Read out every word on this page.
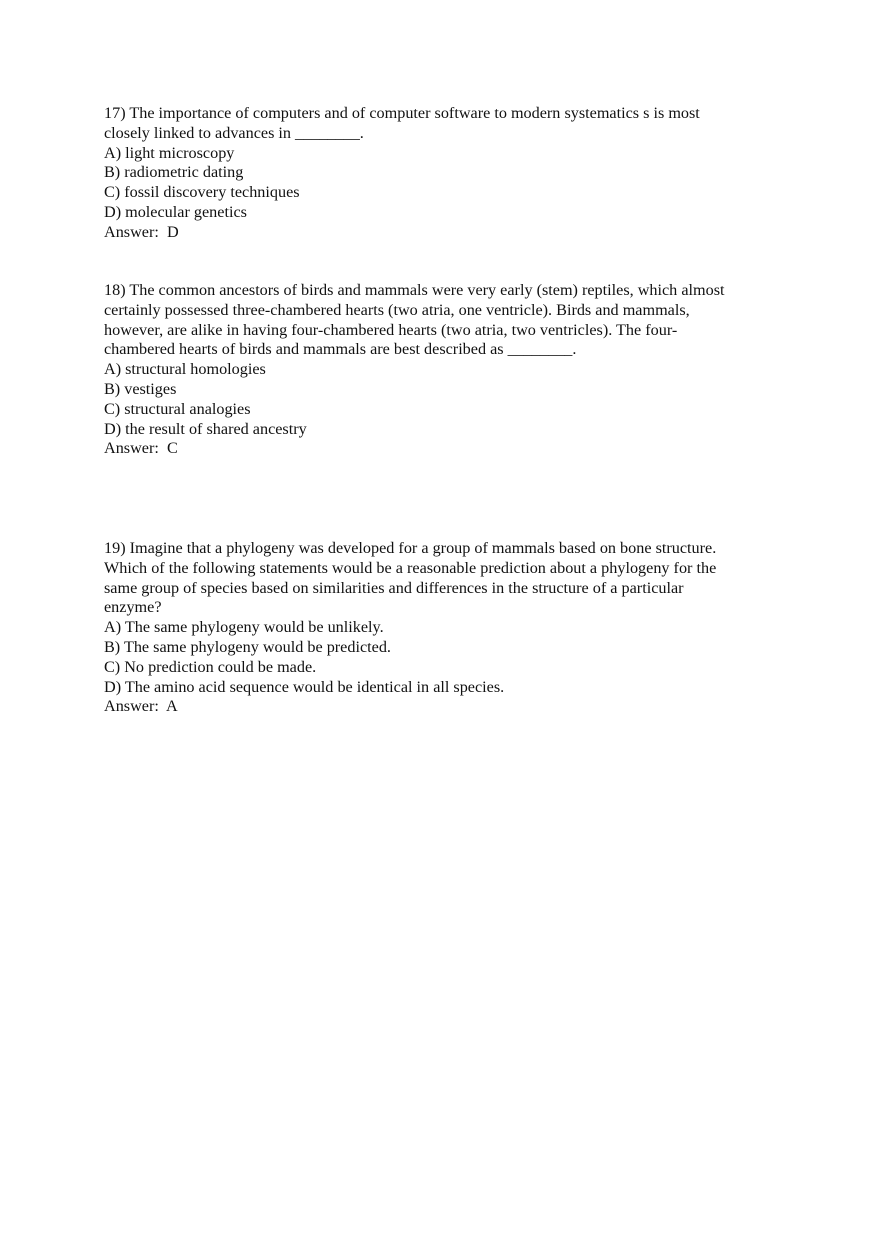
17) The importance of computers and of computer software to modern systematics s is most
closely linked to advances in ________.
A) light microscopy
B) radiometric dating
C) fossil discovery techniques
D) molecular genetics
Answer:  D
18) The common ancestors of birds and mammals were very early (stem) reptiles, which almost
certainly possessed three-chambered hearts (two atria, one ventricle). Birds and mammals,
however, are alike in having four-chambered hearts (two atria, two ventricles). The four-
chambered hearts of birds and mammals are best described as ________.
A) structural homologies
B) vestiges
C) structural analogies
D) the result of shared ancestry
Answer:  C
19) Imagine that a phylogeny was developed for a group of mammals based on bone structure.
Which of the following statements would be a reasonable prediction about a phylogeny for the
same group of species based on similarities and differences in the structure of a particular
enzyme?
A) The same phylogeny would be unlikely.
B) The same phylogeny would be predicted.
C) No prediction could be made.
D) The amino acid sequence would be identical in all species.
Answer:  A
